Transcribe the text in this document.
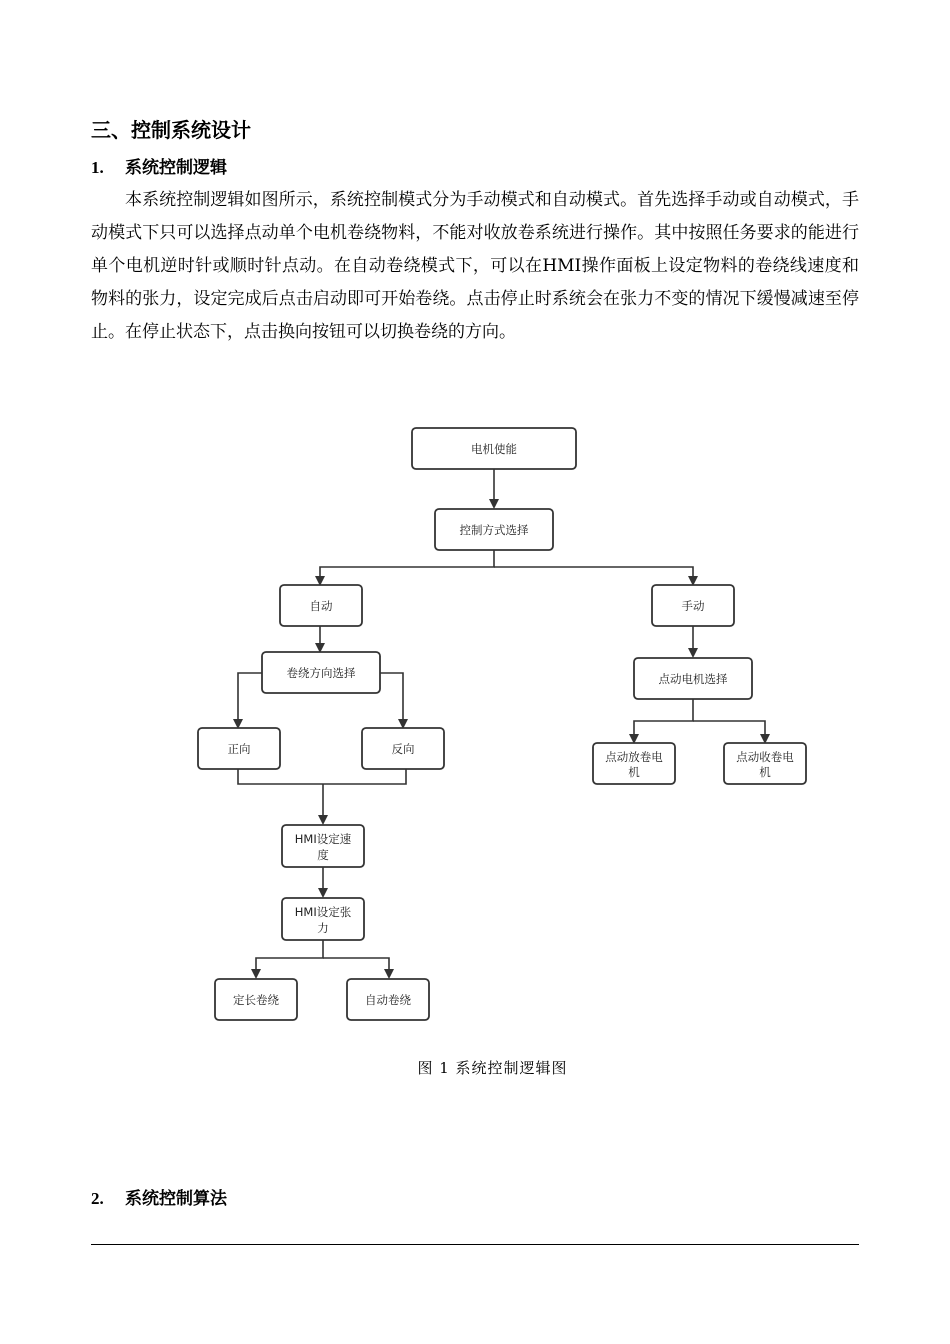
三、控制系统设计
1. 系统控制逻辑

本系统控制逻辑如图所示，系统控制模式分为手动模式和自动模式。首先选择手动或自动模式，手动模式下只可以选择点动单个电机卷绕物料，不能对收放卷系统进行操作。其中按照任务要求的能进行单个电机逆时针或顺时针点动。在自动卷绕模式下，可以在HMI操作面板上设定物料的卷绕线速度和物料的张力，设定完成后点击启动即可开始卷绕。点击停止时系统会在张力不变的情况下缓慢减速至停止。在停止状态下，点击换向按钮可以切换卷绕的方向。

电机使能
控制方式选择
自动	手动
卷绕方向选择	点动电机选择
正向	反向
点动放卷电
机
点动收卷电
机
HMI设定速
度
HMI设定张
力
定长卷绕	自动卷绕
图 1 系统控制逻辑图
2. 系统控制算法
